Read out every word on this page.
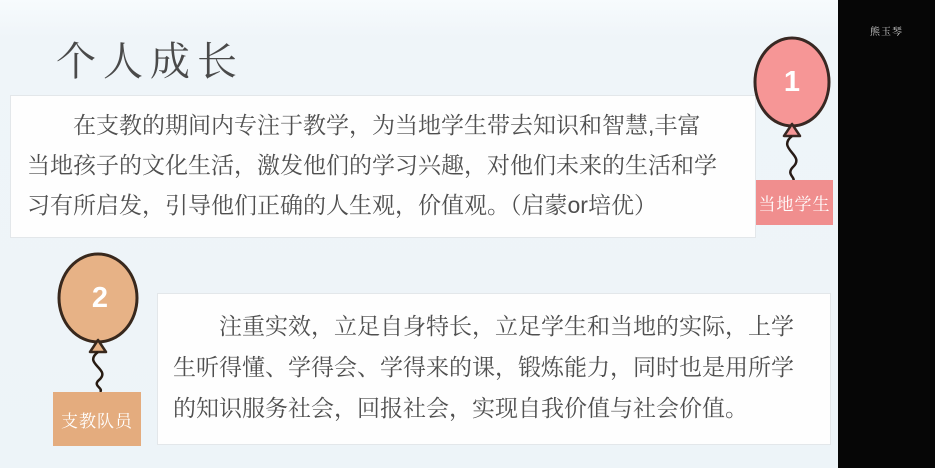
个人成长

在支教的期间内专注于教学，为当地学生带去知识和智慧,丰富当地孩子的文化生活，激发他们的学习兴趣，对他们未来的生活和学习有所启发，引导他们正确的人生观，价值观。（启蒙or培优）

注重实效，立足自身特长，立足学生和当地的实际，上学生听得懂、学得会、学得来的课，锻炼能力，同时也是用所学的知识服务社会，回报社会，实现自我价值与社会价值。

1
当地学生
2
支教队员
熊玉琴
